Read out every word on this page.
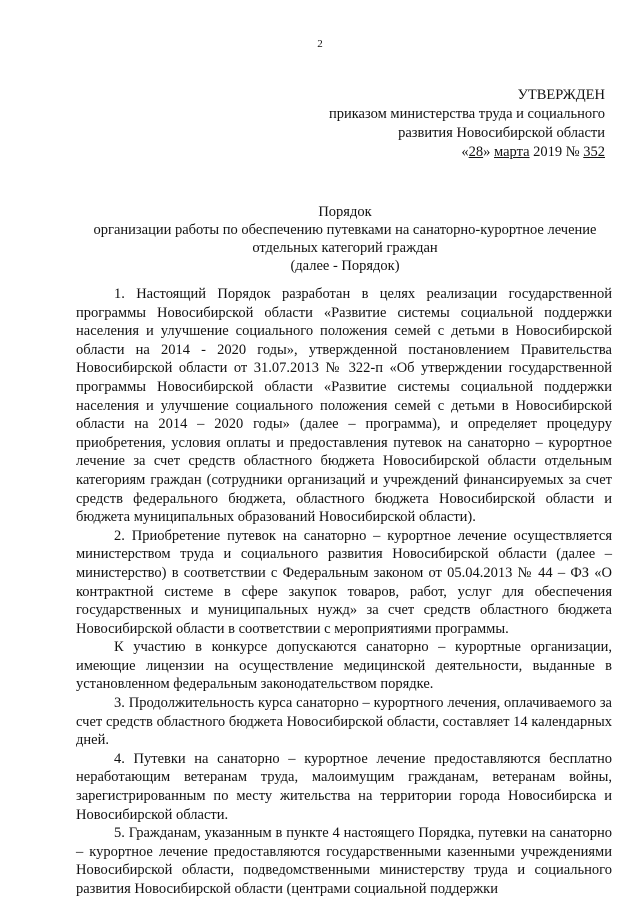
2
УТВЕРЖДЕН
приказом министерства труда и социального
развития Новосибирской области
«28» марта 2019 № 352
Порядок
организации работы по обеспечению путевками на санаторно-курортное лечение
отдельных категорий граждан
(далее - Порядок)

1. Настоящий Порядок разработан в целях реализации государственной программы Новосибирской области «Развитие системы социальной поддержки населения и улучшение социального положения семей с детьми в Новосибирской области на 2014 - 2020 годы», утвержденной постановлением Правительства Новосибирской области от 31.07.2013 № 322-п «Об утверждении государственной программы Новосибирской области «Развитие системы социальной поддержки населения и улучшение социального положения семей с детьми в Новосибирской области на 2014 – 2020 годы» (далее – программа), и определяет процедуру приобретения, условия оплаты и предоставления путевок на санаторно – курортное лечение за счет средств областного бюджета Новосибирской области отдельным категориям граждан (сотрудники организаций и учреждений финансируемых за счет средств федерального бюджета, областного бюджета Новосибирской области и бюджета муниципальных образований Новосибирской области).

2. Приобретение путевок на санаторно – курортное лечение осуществляется министерством труда и социального развития Новосибирской области (далее – министерство) в соответствии с Федеральным законом от 05.04.2013 № 44 – ФЗ «О контрактной системе в сфере закупок товаров, работ, услуг для обеспечения государственных и муниципальных нужд» за счет средств областного бюджета Новосибирской области в соответствии с мероприятиями программы.

К участию в конкурсе допускаются санаторно – курортные организации, имеющие лицензии на осуществление медицинской деятельности, выданные в установленном федеральным законодательством порядке.

3. Продолжительность курса санаторно – курортного лечения, оплачиваемого за счет средств областного бюджета Новосибирской области, составляет 14 календарных дней.

4. Путевки на санаторно – курортное лечение предоставляются бесплатно неработающим ветеранам труда, малоимущим гражданам, ветеранам войны, зарегистрированным по месту жительства на территории города Новосибирска и Новосибирской области.

5. Гражданам, указанным в пункте 4 настоящего Порядка, путевки на санаторно – курортное лечение предоставляются государственными казенными учреждениями Новосибирской области, подведомственными министерству труда и социального развития Новосибирской области (центрами социальной поддержки
